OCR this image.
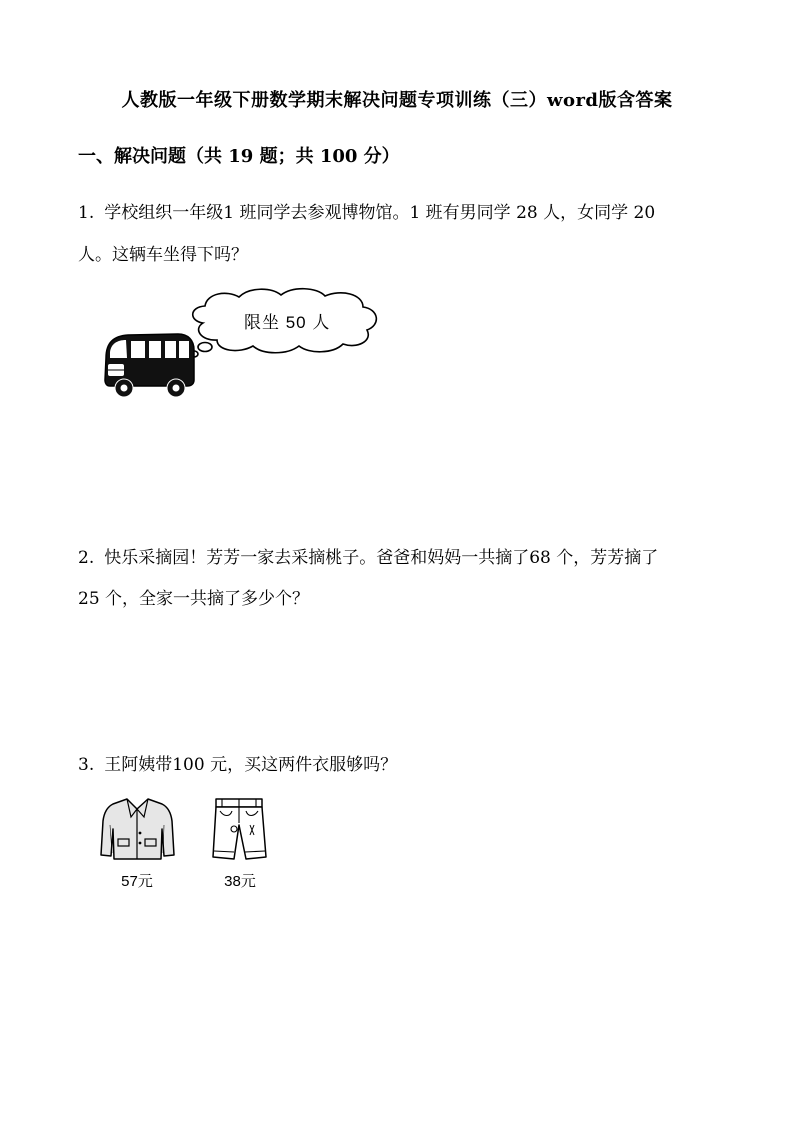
人教版一年级下册数学期末解决问题专项训练（三）word版含答案
一、解决问题（共 19 题；共 100 分）
1. 学校组织一年级1 班同学去参观博物馆。1 班有男同学 28 人，女同学 20
人。这辆车坐得下吗？
限坐 50 人
2. 快乐采摘园！芳芳一家去采摘桃子。爸爸和妈妈一共摘了68 个，芳芳摘了
25 个，全家一共摘了多少个？
3. 王阿姨带100 元，买这两件衣服够吗？
57元	38元
